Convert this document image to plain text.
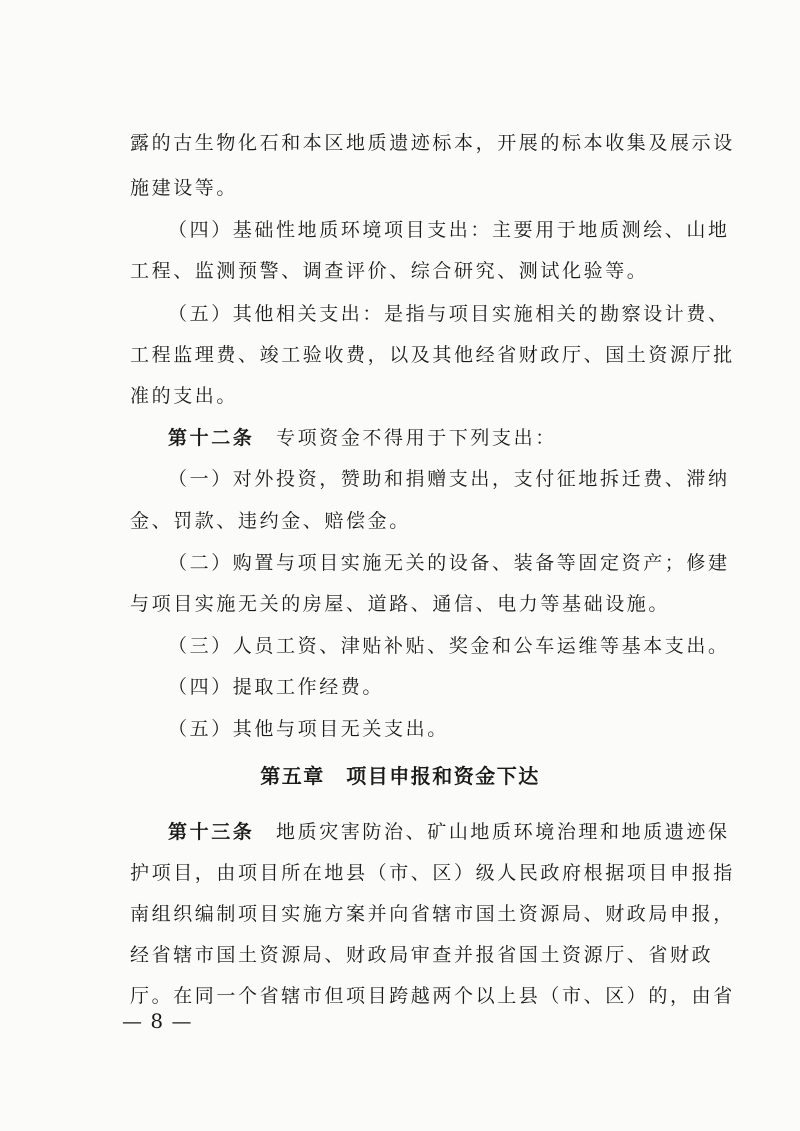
露的古生物化石和本区地质遗迹标本，开展的标本收集及展示设
施建设等。
（四）基础性地质环境项目支出：主要用于地质测绘、山地
工程、监测预警、调查评价、综合研究、测试化验等。
（五）其他相关支出：是指与项目实施相关的勘察设计费、
工程监理费、竣工验收费，以及其他经省财政厅、国土资源厅批
准的支出。
第十二条　 专项资金不得用于下列支出：
（一）对外投资，赞助和捐赠支出，支付征地拆迁费、滞纳
金、罚款、违约金、赔偿金。
（二）购置与项目实施无关的设备、装备等固定资产；修建
与项目实施无关的房屋、道路、通信、电力等基础设施。
（三）人员工资、津贴补贴、奖金和公车运维等基本支出。
（四）提取工作经费。
（五）其他与项目无关支出。
第五章　项目申报和资金下达
第十三条　 地质灾害防治、矿山地质环境治理和地质遗迹保
护项目，由项目所在地县（市、区）级人民政府根据项目申报指
南组织编制项目实施方案并向省辖市国土资源局、财政局申报，
经省辖市国土资源局、财政局审查并报省国土资源厅、省财政
厅。在同一个省辖市但项目跨越两个以上县（市、区）的，由省
— 8 —
